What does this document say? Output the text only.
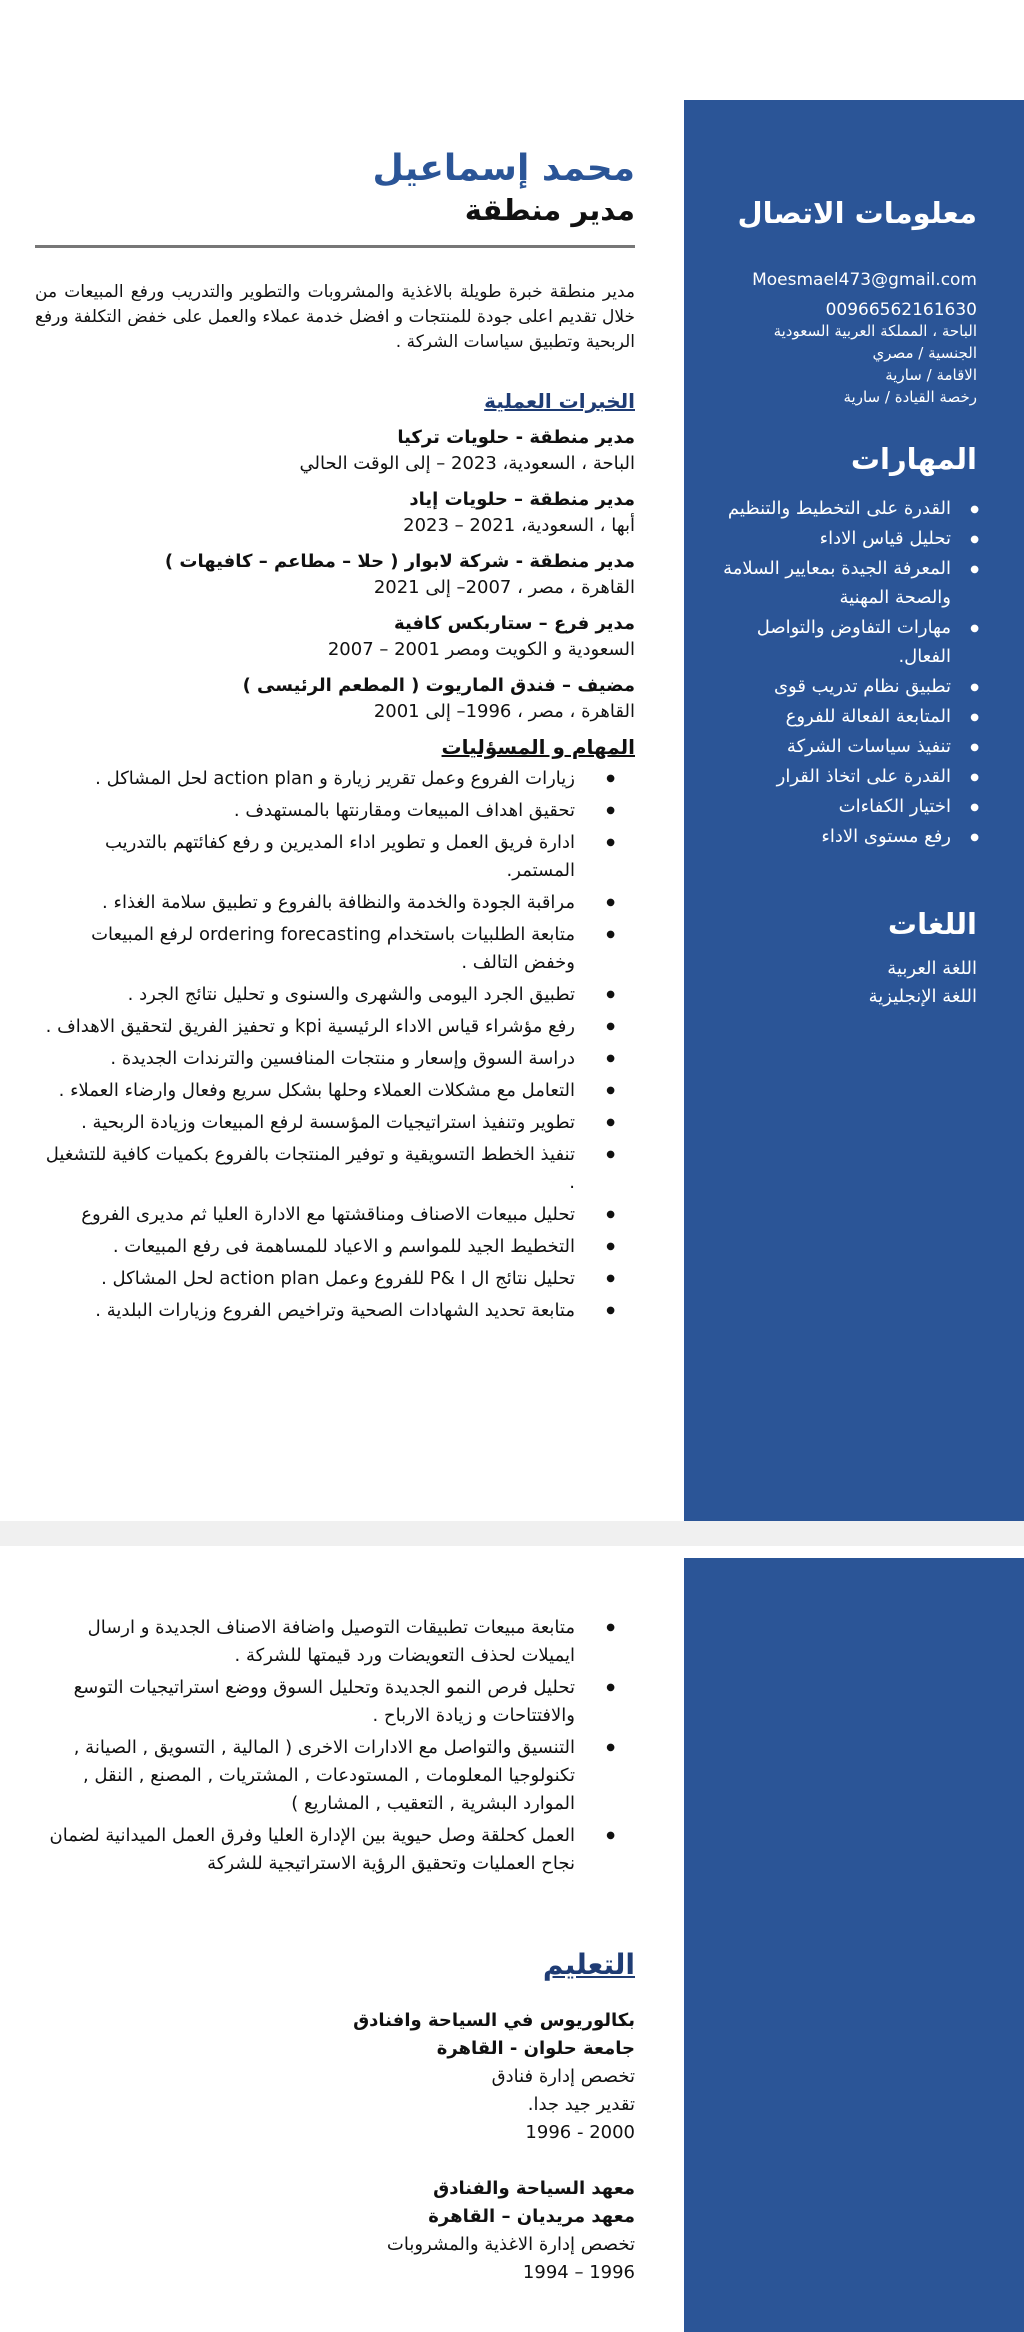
معلومات الاتصال
Moesmael473@gmail.com
00966562161630
الباحة ، المملكة العربية السعودية
الجنسية / مصري
الاقامة / سارية
رخصة القيادة / سارية
المهارات
● القدرة على التخطيط والتنظيم
● تحليل قياس الاداء
● المعرفة الجيدة بمعايير السلامة والصحة المهنية
● مهارات التفاوض والتواصل الفعال.
● تطبيق نظام تدريب قوى
● المتابعة الفعالة للفروع
● تنفيذ سياسات الشركة
● القدرة على اتخاذ القرار
● اختيار الكفاءات
● رفع مستوى الاداء
اللغات
اللغة العربية
اللغة الإنجليزية
محمد إسماعيل
مدير منطقة

مدير منطقة خبرة طويلة بالاغذية والمشروبات والتطوير والتدريب ورفع المبيعات من خلال تقديم اعلى جودة للمنتجات و افضل خدمة عملاء والعمل على خفض التكلفة ورفع الربحية وتطبيق سياسات الشركة .

الخبرات العملية
مدير منطقة - حلويات تركيا
الباحة ، السعودية، 2023 – إلى الوقت الحالي
مدير منطقة – حلويات إياد
أبها ، السعودية، 2021 – 2023
مدير منطقة - شركة لابوار ( حلا – مطاعم – كافيهات )
القاهرة ، مصر ، 2007– إلى 2021
مدير فرع – ستاربكس كافية
السعودية و الكويت ومصر 2001 – 2007
مضيف – فندق الماريوت ( المطعم الرئيسى )
القاهرة ، مصر ، 1996– إلى 2001
المهام و المسؤليات
● زيارات الفروع وعمل تقرير زيارة و action plan لحل المشاكل .
● تحقيق اهداف المبيعات ومقارنتها بالمستهدف .
● ادارة فريق العمل و تطوير اداء المديرين و رفع كفائتهم بالتدريب المستمر.
● مراقبة الجودة والخدمة والنظافة بالفروع و تطبيق سلامة الغذاء .
● متابعة الطلبيات باستخدام ordering forecasting لرفع المبيعات وخفض التالف .
● تطبيق الجرد اليومى والشهرى والسنوى و تحليل نتائج الجرد .
● رفع مؤشراء قياس الاداء الرئيسية kpi و تحفيز الفريق لتحقيق الاهداف .
● دراسة السوق وإسعار و منتجات المنافسين والترندات الجديدة .
● التعامل مع مشكلات العملاء وحلها بشكل سريع وفعال وارضاء العملاء .
● تطوير وتنفيذ استراتيجيات المؤسسة لرفع المبيعات وزيادة الربحية .
● تنفيذ الخطط التسويقية و توفير المنتجات بالفروع بكميات كافية للتشغيل .
● تحليل مبيعات الاصناف ومناقشتها مع الادارة العليا ثم مديرى الفروع
● التخطيط الجيد للمواسم و الاعياد للمساهمة فى رفع المبيعات .
● تحليل نتائج ال P& l للفروع وعمل action plan لحل المشاكل .
● متابعة تحديد الشهادات الصحية وتراخيص الفروع وزيارات البلدية .
● متابعة مبيعات تطبيقات التوصيل واضافة الاصناف الجديدة و ارسال ايميلات لحذف التعويضات ورد قيمتها للشركة .
● تحليل فرص النمو الجديدة وتحليل السوق ووضع استراتيجيات التوسع والافتتاحات و زيادة الارباح .
● التنسيق والتواصل مع الادارات الاخرى ( المالية , التسويق , الصيانة , تكنولوجيا المعلومات , المستودعات , المشتريات , المصنع , النقل , الموارد البشرية , التعقيب , المشاريع )
● العمل كحلقة وصل حيوية بين الإدارة العليا وفرق العمل الميدانية لضمان نجاح العمليات وتحقيق الرؤية الاستراتيجية للشركة
التعليم
بكالوريوس في السياحة وافنادق
جامعة حلوان - القاهرة
تخصص إدارة فنادق
تقدير جيد جدا.
2000 - 1996
معهد السياحة والفنادق
معهد مريديان – القاهرة
تخصص إدارة الاغذية والمشروبات
1996 – 1994
